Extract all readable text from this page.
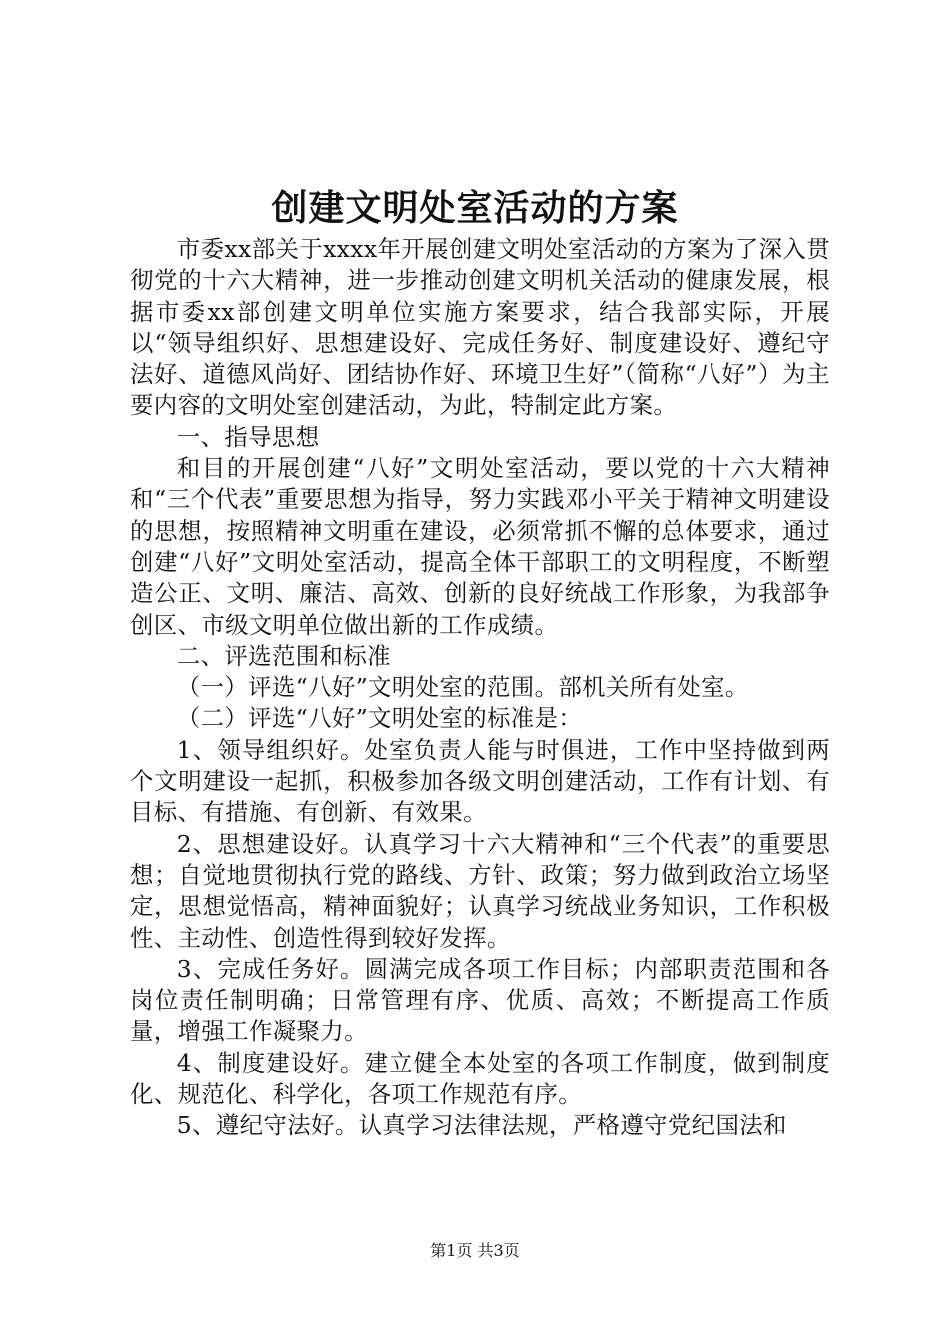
创建文明处室活动的方案

市委xx部关于xxxx年开展创建文明处室活动的方案为了深入贯彻党的十六大精神，进一步推动创建文明机关活动的健康发展，根据市委xx部创建文明单位实施方案要求，结合我部实际，开展以“领导组织好、思想建设好、完成任务好、制度建设好、遵纪守法好、道德风尚好、团结协作好、环境卫生好”（简称“八好”）为主要内容的文明处室创建活动，为此，特制定此方案。

一、指导思想

和目的开展创建“八好”文明处室活动，要以党的十六大精神和“三个代表”重要思想为指导，努力实践邓小平关于精神文明建设的思想，按照精神文明重在建设，必须常抓不懈的总体要求，通过创建“八好”文明处室活动，提高全体干部职工的文明程度，不断塑造公正、文明、廉洁、高效、创新的良好统战工作形象，为我部争创区、市级文明单位做出新的工作成绩。

二、评选范围和标准

（一）评选“八好”文明处室的范围。部机关所有处室。

（二）评选“八好”文明处室的标准是：

1、领导组织好。处室负责人能与时俱进，工作中坚持做到两个文明建设一起抓，积极参加各级文明创建活动，工作有计划、有目标、有措施、有创新、有效果。

2、思想建设好。认真学习十六大精神和“三个代表”的重要思想；自觉地贯彻执行党的路线、方针、政策；努力做到政治立场坚定，思想觉悟高，精神面貌好；认真学习统战业务知识，工作积极性、主动性、创造性得到较好发挥。

3、完成任务好。圆满完成各项工作目标；内部职责范围和各岗位责任制明确；日常管理有序、优质、高效；不断提高工作质量，增强工作凝聚力。

4、制度建设好。建立健全本处室的各项工作制度，做到制度化、规范化、科学化，各项工作规范有序。

5、遵纪守法好。认真学习法律法规，严格遵守党纪国法和

第1页 共3页
